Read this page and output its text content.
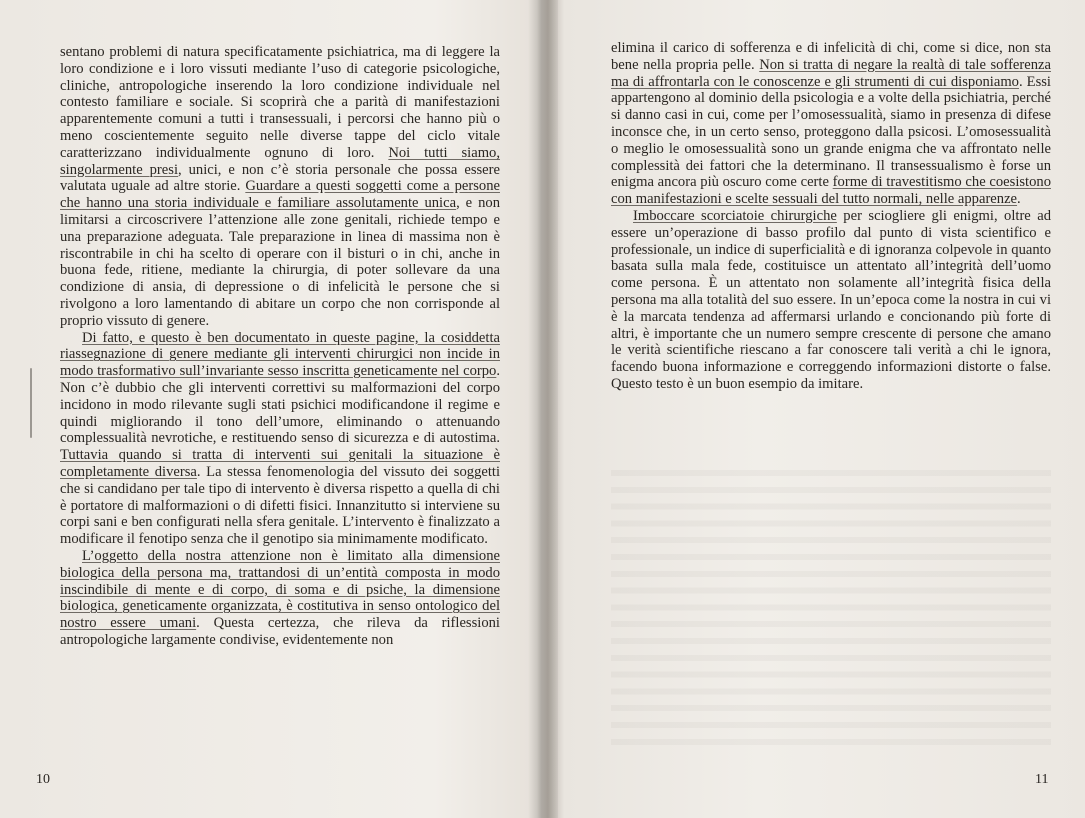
sentano problemi di natura specificatamente psichiatrica, ma di leggere la loro condizione e i loro vissuti mediante l’uso di categorie psicologiche, cliniche, antropologiche inserendo la loro condizione individuale nel contesto familiare e sociale. Si scoprirà che a parità di manifestazioni apparentemente comuni a tutti i transessuali, i percorsi che hanno più o meno coscientemente seguito nelle diverse tappe del ciclo vitale caratterizzano individualmente ognuno di loro. Noi tutti siamo, singolarmente presi, unici, e non c’è storia personale che possa essere valutata uguale ad altre storie. Guardare a questi soggetti come a persone che hanno una storia individuale e familiare assolutamente unica, e non limitarsi a circoscrivere l’attenzione alle zone genitali, richiede tempo e una preparazione adeguata. Tale preparazione in linea di massima non è riscontrabile in chi ha scelto di operare con il bisturi o in chi, anche in buona fede, ritiene, mediante la chirurgia, di poter sollevare da una condizione di ansia, di depressione o di infelicità le persone che si rivolgono a loro lamentando di abitare un corpo che non corrisponde al proprio vissuto di genere.

Di fatto, e questo è ben documentato in queste pagine, la cosiddetta riassegnazione di genere mediante gli interventi chirurgici non incide in modo trasformativo sull’invariante sesso inscritta geneticamente nel corpo. Non c’è dubbio che gli interventi correttivi su malformazioni del corpo incidono in modo rilevante sugli stati psichici modificandone il regime e quindi migliorando il tono dell’umore, eliminando o attenuando complessualità nevrotiche, e restituendo senso di sicurezza e di autostima. Tuttavia quando si tratta di interventi sui genitali la situazione è completamente diversa. La stessa fenomenologia del vissuto dei soggetti che si candidano per tale tipo di intervento è diversa rispetto a quella di chi è portatore di malformazioni o di difetti fisici. Innanzitutto si interviene su corpi sani e ben configurati nella sfera genitale. L’intervento è finalizzato a modificare il fenotipo senza che il genotipo sia minimamente modificato.

L’oggetto della nostra attenzione non è limitato alla dimensione biologica della persona ma, trattandosi di un’entità composta in modo inscindibile di mente e di corpo, di soma e di psiche, la dimensione biologica, geneticamente organizzata, è costitutiva in senso ontologico del nostro essere umani. Questa certezza, che rileva da riflessioni antropologiche largamente condivise, evidentemente non

10

elimina il carico di sofferenza e di infelicità di chi, come si dice, non sta bene nella propria pelle. Non si tratta di negare la realtà di tale sofferenza ma di affrontarla con le conoscenze e gli strumenti di cui disponiamo. Essi appartengono al dominio della psicologia e a volte della psichiatria, perché si danno casi in cui, come per l’omosessualità, siamo in presenza di difese inconsce che, in un certo senso, proteggono dalla psicosi. L’omosessualità o meglio le omosessualità sono un grande enigma che va affrontato nelle complessità dei fattori che la determinano. Il transessualismo è forse un enigma ancora più oscuro come certe forme di travestitismo che coesistono con manifestazioni e scelte sessuali del tutto normali, nelle apparenze.

Imboccare scorciatoie chirurgiche per sciogliere gli enigmi, oltre ad essere un’operazione di basso profilo dal punto di vista scientifico e professionale, un indice di superficialità e di ignoranza colpevole in quanto basata sulla mala fede, costituisce un attentato all’integrità dell’uomo come persona. È un attentato non solamente all’integrità fisica della persona ma alla totalità del suo essere. In un’epoca come la nostra in cui vi è la marcata tendenza ad affermarsi urlando e concionando più forte di altri, è importante che un numero sempre crescente di persone che amano le verità scientifiche riescano a far conoscere tali verità a chi le ignora, facendo buona informazione e correggendo informazioni distorte o false. Questo testo è un buon esempio da imitare.

11
